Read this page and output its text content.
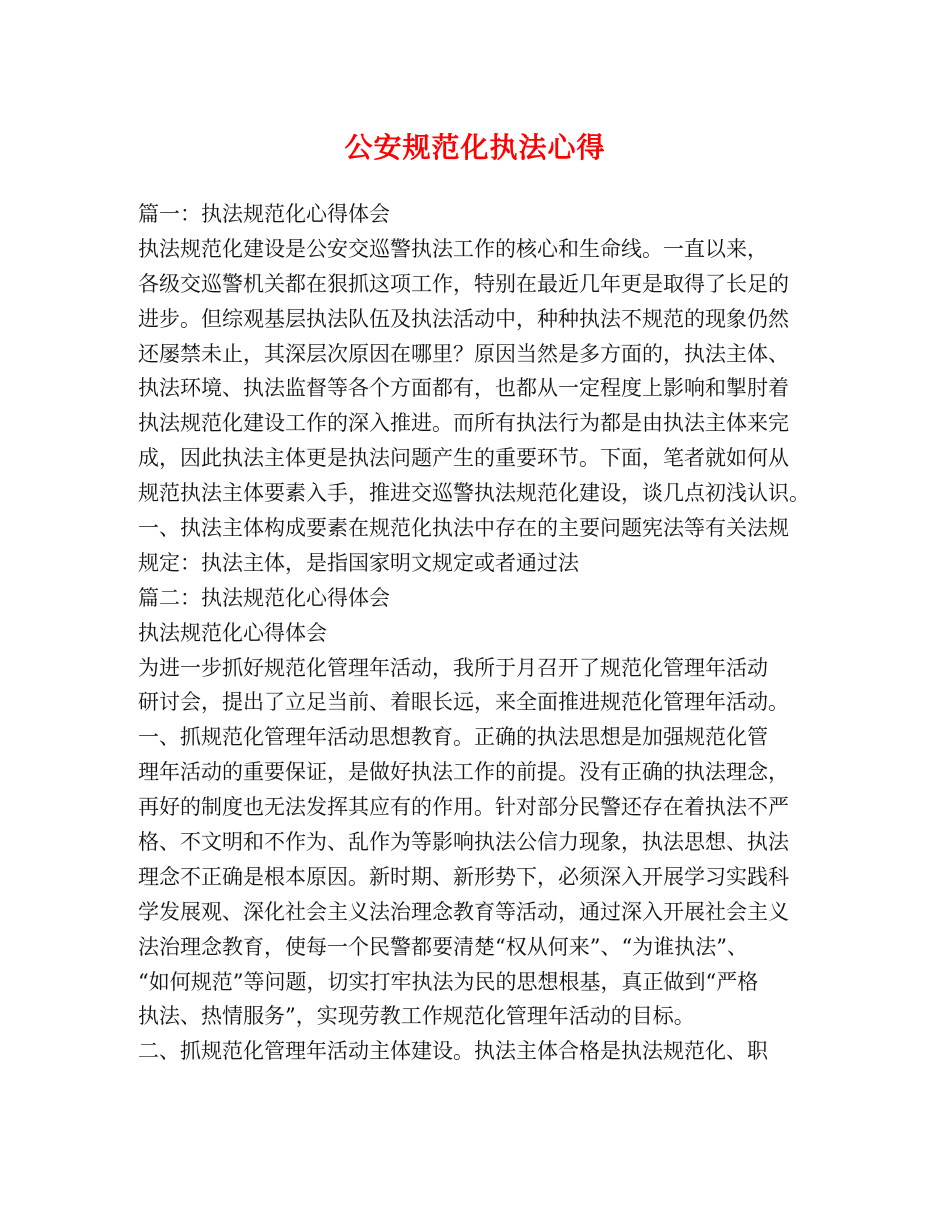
公安规范化执法心得
篇一：执法规范化心得体会
执法规范化建设是公安交巡警执法工作的核心和生命线。一直以来，
各级交巡警机关都在狠抓这项工作，特别在最近几年更是取得了长足的
进步。但综观基层执法队伍及执法活动中，种种执法不规范的现象仍然
还屡禁未止，其深层次原因在哪里？原因当然是多方面的，执法主体、
执法环境、执法监督等各个方面都有，也都从一定程度上影响和掣肘着
执法规范化建设工作的深入推进。而所有执法行为都是由执法主体来完
成，因此执法主体更是执法问题产生的重要环节。下面，笔者就如何从
规范执法主体要素入手，推进交巡警执法规范化建设，谈几点初浅认识。
一、执法主体构成要素在规范化执法中存在的主要问题宪法等有关法规
规定：执法主体，是指国家明文规定或者通过法
篇二：执法规范化心得体会
执法规范化心得体会
为进一步抓好规范化管理年活动，我所于月召开了规范化管理年活动
研讨会，提出了立足当前、着眼长远，来全面推进规范化管理年活动。
一、抓规范化管理年活动思想教育。正确的执法思想是加强规范化管
理年活动的重要保证，是做好执法工作的前提。没有正确的执法理念，
再好的制度也无法发挥其应有的作用。针对部分民警还存在着执法不严
格、不文明和不作为、乱作为等影响执法公信力现象，执法思想、执法
理念不正确是根本原因。新时期、新形势下，必须深入开展学习实践科
学发展观、深化社会主义法治理念教育等活动，通过深入开展社会主义
法治理念教育，使每一个民警都要清楚“权从何来”、“为谁执法”、
“如何规范”等问题，切实打牢执法为民的思想根基，真正做到“严格
执法、热情服务”，实现劳教工作规范化管理年活动的目标。
二、抓规范化管理年活动主体建设。执法主体合格是执法规范化、职
